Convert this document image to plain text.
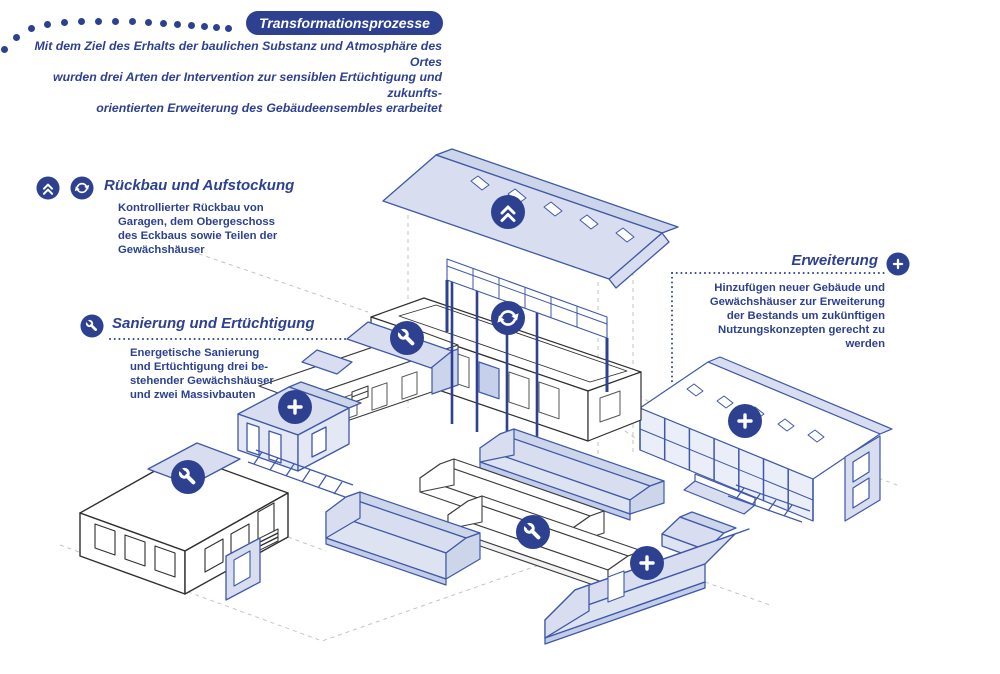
Transformationsprozesse
Mit dem Ziel des Erhalts der baulichen Substanz und Atmosphäre des Ortes
wurden drei Arten der Intervention zur sensiblen Ertüchtigung und zukunfts-
orientierten Erweiterung des Gebäudeensembles erarbeitet
Rückbau und Aufstockung
Kontrollierter Rückbau von
Garagen, dem Obergeschoss
des Eckbaus sowie Teilen der
Gewächshäuser
Sanierung und Ertüchtigung
Energetische Sanierung
und Ertüchtigung drei be-
stehender Gewächshäuser
und zwei Massivbauten
Erweiterung
Hinzufügen neuer Gebäude und
Gewächshäuser zur Erweiterung
der Bestands um zukünftigen
Nutzungskonzepten gerecht zu
werden
